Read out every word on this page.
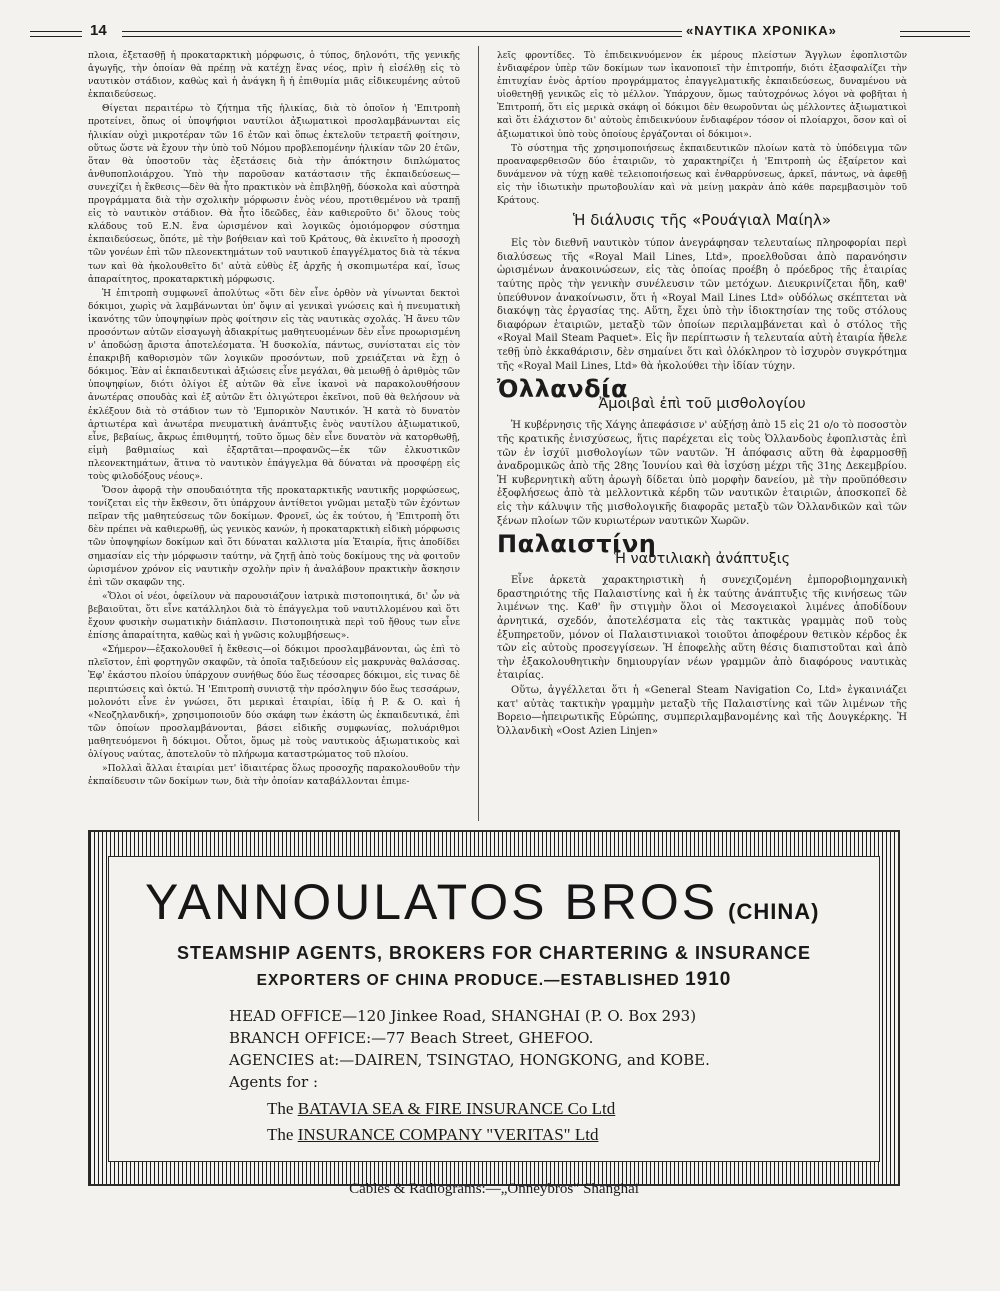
14	«ΝΑΥΤΙΚΑ ΧΡΟΝΙΚΑ»

πλοια, ἐξετασθῇ ἡ προκαταρκτικὴ μόρφωσις, ὁ τύπος, δηλονότι, τῆς γενικῆς ἀγωγῆς, τὴν ὁποίαν θὰ πρέπῃ νὰ κατέχῃ ἕνας νέος, πρὶν ἡ εἰσέλθῃ εἰς τὸ ναυτικὸν στάδιον, καθὼς καὶ ἡ ἀνάγκη ἢ ἡ ἐπιθυμία μιᾶς εἰδικευμένης αὐτοῦ ἐκπαιδεύσεως.

Θίγεται περαιτέρω τὸ ζήτημα τῆς ἡλικίας, διὰ τὸ ὁποῖον ἡ 'Επιτροπὴ προτείνει, ὅπως οἱ ὑποψήφιοι ναυτίλοι ἀξιωματικοὶ προσλαμβάνωνται εἰς ἡλικίαν οὐχὶ μικροτέραν τῶν 16 ἐτῶν καὶ ὅπως ἐκτελοῦν τετραετῆ φοίτησιν, οὕτως ὥστε νὰ ἔχουν τὴν ὑπὸ τοῦ Νόμου προβλεπομένην ἡλικίαν τῶν 20 ἐτῶν, ὅταν θὰ ὑποστοῦν τὰς ἐξετάσεις διὰ τὴν ἀπόκτησιν διπλώματος ἀνθυποπλοιάρχου. Ὑπὸ τὴν παροῦσαν κατάστασιν τῆς ἐκπαιδεύσεως—συνεχίζει ἡ ἔκθεσις—δὲν θὰ ἦτο πρακτικὸν νὰ ἐπιβληθῇ, δύσκολα καὶ αὐστηρὰ προγράμματα διὰ τὴν σχολικὴν μόρφωσιν ἑνὸς νέου, προτιθεμένου νὰ τραπῇ εἰς τὸ ναυτικὸν στάδιον. Θὰ ἦτο ἰδεῶδες, ἐὰν καθιεροῦτο δι' ὅλους τοὺς κλάδους τοῦ Ε.Ν. ἕνα ὡρισμένον καὶ λογικῶς ὁμοιόμορφον σύστημα ἐκπαιδεύσεως, ὅπότε, μὲ τὴν βοήθειαν καὶ τοῦ Κράτους, θὰ ἐκινεῖτο ἡ προσοχὴ τῶν γονέων ἐπὶ τῶν πλεονεκτημάτων τοῦ ναυτικοῦ ἐπαγγέλματος διὰ τὰ τέκνα των καὶ θὰ ἠκολουθεῖτο δι' αὐτὰ εὐθὺς ἐξ ἀρχῆς ἡ σκοπιμωτέρα καί, ἴσως ἀπαραίτητος, προκαταρκτικὴ μόρφωσις.

Ἡ ἐπιτροπὴ συμφωνεῖ ἀπολύτως «ὅτι δὲν εἶνε ὀρθὸν νὰ γίνωνται δεκτοὶ δόκιμοι, χωρὶς νὰ λαμβάνωνται ὑπ' ὄψιν αἱ γενικαὶ γνώσεις καὶ ἡ πνευματικὴ ἱκανότης τῶν ὑποψηφίων πρὸς φοίτησιν εἰς τὰς ναυτικὰς σχολάς. Ἡ ἄνευ τῶν προσόντων αὐτῶν εἰσαγωγὴ ἀδιακρίτως μαθητευομένων δὲν εἶνε προωρισμένη ν' ἀποδώσῃ ἄριστα ἀποτελέσματα. Ἡ δυσκολία, πάντως, συνίσταται εἰς τὸν ἐπακριβῆ καθορισμὸν τῶν λογικῶν προσόντων, ποῦ χρειάζεται νὰ ἔχῃ ὁ δόκιμος. Ἐὰν αἱ ἐκπαιδευτικαὶ ἀξιώσεις εἶνε μεγάλαι, θὰ μειωθῇ ὁ ἀριθμὸς τῶν ὑποψηφίων, διότι ὀλίγοι ἐξ αὐτῶν θὰ εἶνε ἱκανοὶ νὰ παρακολουθήσουν ἀνωτέρας σπουδὰς καὶ ἐξ αὐτῶν ἔτι ὀλιγώτεροι ἐκεῖνοι, ποῦ θὰ θελήσουν νὰ ἐκλέξουν διὰ τὸ στάδιον των τὸ 'Εμπορικὸν Ναυτικόν. Ἡ κατὰ τὸ δυνατὸν ἀρτιωτέρα καὶ ἀνωτέρα πνευματικὴ ἀνάπτυξις ἑνὸς ναυτίλου ἀξιωματικοῦ, εἶνε, βεβαίως, ἄκρως ἐπιθυμητή, τοῦτο ὅμως δὲν εἶνε δυνατὸν νὰ κατορθωθῇ, εἰμὴ βαθμιαίως καὶ ἐξαρτᾶται—προφανῶς—ἐκ τῶν ἐλκυστικῶν πλεονεκτημάτων, ἅτινα τὸ ναυτικὸν ἐπάγγελμα θὰ δύναται νὰ προσφέρῃ εἰς τοὺς φιλοδόξους νέους».

Ὅσον ἀφορᾷ τὴν σπουδαιότητα τῆς προκαταρκτικῆς ναυτικῆς μορφώσεως, τονίζεται εἰς τὴν ἔκθεσιν, ὅτι ὑπάρχουν ἀντίθετοι γνῶμαι μεταξὺ τῶν ἐχόντων πεῖραν τῆς μαθητεύσεως τῶν δοκίμων. Φρονεῖ, ὡς ἐκ τούτου, ἡ 'Επιτροπὴ ὅτι δὲν πρέπει νὰ καθιερωθῇ, ὡς γενικὸς κανών, ἡ προκαταρκτικὴ εἰδικὴ μόρφωσις τῶν ὑποψηφίων δοκίμων καὶ ὅτι δύναται καλλιστα μία Ἑταιρία, ἥτις ἀποδίδει σημασίαν εἰς τὴν μόρφωσιν ταύτην, νὰ ζητῇ ἀπὸ τοὺς δοκίμους της νὰ φοιτοῦν ὡρισμένον χρόνον εἰς ναυτικὴν σχολὴν πρὶν ἡ ἀναλάβουν πρακτικὴν ἄσκησιν ἐπὶ τῶν σκαφῶν της.

«Ὅλοι οἱ νέοι, ὀφείλουν νὰ παρουσιάζουν ἰατρικὰ πιστοποιητικά, δι' ὧν νὰ βεβαιοῦται, ὅτι εἶνε κατάλληλοι διὰ τὸ ἐπάγγελμα τοῦ ναυτιλλομένου καὶ ὅτι ἔχουν φυσικὴν σωματικὴν διάπλασιν. Πιστοποιητικὰ περὶ τοῦ ἤθους των εἶνε ἐπίσης ἀπαραίτητα, καθὼς καὶ ἡ γνῶσις κολυμβήσεως».

«Σήμερον—ἐξακολουθεῖ ἡ ἔκθεσις—οἱ δόκιμοι προσλαμβάνονται, ὡς ἐπὶ τὸ πλεῖστον, ἐπὶ φορτηγῶν σκαφῶν, τὰ ὁποῖα ταξιδεύουν εἰς μακρυνὰς θαλάσσας. Ἐφ' ἑκάστου πλοίου ὑπάρχουν συνήθως δύο ἕως τέσσαρες δόκιμοι, εἰς τινας δὲ περιπτώσεις καὶ ὀκτώ. Ἡ 'Επιτροπὴ συνιστᾷ τὴν πρόσληψιν δύο ἕως τεσσάρων, μολονότι εἶνε ἐν γνώσει, ὅτι μερικαὶ ἑταιρίαι, ἰδίᾳ ἡ P. & O. καὶ ἡ «Νεοζηλανδική», χρησιμοποιοῦν δύο σκάφη των ἑκάστη ὡς ἐκπαιδευτικά, ἐπὶ τῶν ὁποίων προσλαμβάνονται, βάσει εἰδικῆς συμφωνίας, πολυάριθμοι μαθητευόμενοι ἢ δόκιμοι. Οὗτοι, ὅμως μὲ τοὺς ναυτικοὺς ἀξιωματικοὺς καὶ ὀλίγους ναύτας, ἀποτελοῦν τὸ πλήρωμα καταστρώματος τοῦ πλοίου.

»Πολλαὶ ἄλλαι ἑταιρίαι μετ' ἰδιαιτέρας ὅλως προσοχῆς παρακολουθοῦν τὴν ἐκπαίδευσιν τῶν δοκίμων των, διὰ τὴν ὁποίαν καταβάλλονται ἐπιμε-

λεῖς φροντίδες. Τὸ ἐπιδεικνυόμενον ἐκ μέρους πλείστων Ἄγγλων ἐφοπλιστῶν ἐνδιαφέρον ὑπὲρ τῶν δοκίμων των ἱκανοποιεῖ τὴν ἐπιτροπήν, διότι ἐξασφαλίζει τὴν ἐπιτυχίαν ἑνὸς ἀρτίου προγράμματος ἐπαγγελματικῆς ἐκπαιδεύσεως, δυναμένου νὰ υἱοθετηθῇ γενικῶς εἰς τὸ μέλλον. Ὑπάρχουν, ὅμως ταὐτοχρόνως λόγοι νὰ φοβῆται ἡ Ἐπιτροπή, ὅτι εἰς μερικὰ σκάφη οἱ δόκιμοι δὲν θεωροῦνται ὡς μέλλοντες ἀξιωματικοὶ καὶ ὅτι ἐλάχιστον δι' αὐτοὺς ἐπιδεικνύουν ἐνδιαφέρον τόσον οἱ πλοίαρχοι, ὅσον καὶ οἱ ἀξιωματικοὶ ὑπὸ τοὺς ὁποίους ἐργάζονται οἱ δόκιμοι».

Τὸ σύστημα τῆς χρησιμοποιήσεως ἐκπαιδευτικῶν πλοίων κατὰ τὸ ὑπόδειγμα τῶν προαναφερθεισῶν δύο ἑταιριῶν, τὸ χαρακτηρίζει ἡ 'Επιτροπὴ ὡς ἐξαίρετον καὶ δυνάμενον νὰ τύχῃ καθὲ τελειοποιήσεως καὶ ἐνθαρρύνσεως, ἀρκεῖ, πάντως, νὰ ἀφεθῇ εἰς τὴν ἰδιωτικὴν πρωτοβουλίαν καὶ νὰ μείνῃ μακρὰν ἀπὸ κάθε παρεμβασιμὸν τοῦ Κράτους.

Ἡ διάλυσις τῆς «Ρουάγιαλ Μαίηλ»

Εἰς τὸν διεθνῆ ναυτικὸν τύπον ἀνεγράφησαν τελευταίως πληροφορίαι περὶ διαλύσεως τῆς «Royal Mail Lines, Ltd», προελθοῦσαι ἀπὸ παρανόησιν ὡρισμένων ἀνακοινώσεων, εἰς τὰς ὁποίας προέβη ὁ πρόεδρος τῆς ἑταιρίας ταύτης πρὸς τὴν γενικὴν συνέλευσιν τῶν μετόχων. Διευκρινίζεται ἤδη, καθ' ὑπεύθυνον ἀνακοίνωσιν, ὅτι ἡ «Royal Mail Lines Ltd» οὐδόλως σκέπτεται νὰ διακόψῃ τὰς ἐργασίας της. Αὕτη, ἔχει ὑπὸ τὴν ἰδιοκτησίαν της τοῦς στόλους διαφόρων ἑταιριῶν, μεταξὺ τῶν ὁποίων περιλαμβάνεται καὶ ὁ στόλος τῆς «Royal Mail Steam Paquet». Εἰς ἣν περίπτωσιν ἡ τελευταία αὐτὴ ἑταιρία ἤθελε τεθῇ ὑπὸ ἐκκαθάρισιν, δὲν σημαίνει ὅτι καὶ ὁλόκληρον τὸ ἰσχυρὸν συγκρότημα τῆς «Royal Mail Lines, Ltd» θὰ ἠκολούθει τὴν ἰδίαν τύχην.

Ὀλλανδία
Ἀμοιβαὶ ἐπὶ τοῦ μισθολογίου

Ἡ κυβέρνησις τῆς Χάγης ἀπεφάσισε ν' αὐξήσῃ ἀπὸ 15 εἰς 21 ο/ο τὸ ποσοστὸν τῆς κρατικῆς ἐνισχύσεως, ἥτις παρέχεται εἰς τοὺς Ὀλλανδοὺς ἐφοπλιστὰς ἐπὶ τῶν ἐν ἰσχύϊ μισθολογίων τῶν ναυτῶν. Ἡ ἀπόφασις αὕτη θὰ ἐφαρμοσθῇ ἀναδρομικῶς ἀπὸ τῆς 28ης Ἰουνίου καὶ θὰ ἰσχύσῃ μέχρι τῆς 31ης Δεκεμβρίου. Ἡ κυβερνητικὴ αὕτη ἀρωγὴ δίδεται ὑπὸ μορφὴν δανείου, μὲ τὴν προϋπόθεσιν ἐξοφλήσεως ἀπὸ τὰ μελλοντικὰ κέρδη τῶν ναυτικῶν ἑταιριῶν, ἀποσκοπεῖ δὲ εἰς τὴν κάλυψιν τῆς μισθολογικῆς διαφορᾶς μεταξὺ τῶν Ὀλλανδικῶν καὶ τῶν ξένων πλοίων τῶν κυριωτέρων ναυτικῶν Χωρῶν.

Παλαιστίνη
Ἡ ναυτιλιακὴ ἀνάπτυξις

Εἶνε ἀρκετὰ χαρακτηριστικὴ ἡ συνεχιζομένη ἐμποροβιομηχανικὴ δραστηριότης τῆς Παλαιστίνης καὶ ἡ ἐκ ταύτης ἀνάπτυξις τῆς κινήσεως τῶν λιμένων της. Καθ' ἣν στιγμὴν ὅλοι οἱ Μεσογειακοὶ λιμένες ἀποδίδουν ἀρνητικά, σχεδόν, ἀποτελέσματα εἰς τὰς τακτικὰς γραμμὰς ποῦ τοὺς ἐξυπηρετοῦν, μόνον οἱ Παλαιστινιακοὶ τοιοῦτοι ἀποφέρουν θετικὸν κέρδος ἐκ τῶν εἰς αὐτοὺς προσεγγίσεων. Ἡ ἐποφελὴς αὕτη θέσις διαπιστοῦται καὶ ἀπὸ τὴν ἐξακολουθητικὴν δημιουργίαν νέων γραμμῶν ἀπὸ διαφόρους ναυτικὰς ἑταιρίας.

Οὕτω, ἀγγέλλεται ὅτι ἡ «General Steam Navigation Co, Ltd» ἐγκαινιάζει κατ' αὐτὰς τακτικὴν γραμμὴν μεταξὺ τῆς Παλαιστίνης καὶ τῶν λιμένων τῆς Βορειο—ἠπειρωτικῆς Εὐρώπης, συμπεριλαμβανομένης καὶ τῆς Δουγκέρκης. Ἡ Ὀλλανδικὴ «Oost Azien Linjen»

YANNOULATOS BROS (CHINA)
STEAMSHIP AGENTS, BROKERS FOR CHARTERING & INSURANCE
EXPORTERS OF CHINA PRODUCE.—ESTABLISHED 1910
HEAD OFFICE—120 Jinkee Road, SHANGHAI (P. O. Box 293)
BRANCH OFFICE:—77 Beach Street, GHEFOO.
AGENCIES at:—DAIREN, TSINGTAO, HONGKONG, and KOBE.
Agents for :
The BATAVIA SEA & FIRE INSURANCE Co Ltd
The INSURANCE COMPANY "VERITAS" Ltd
Cables & Radiograms:—„Onneybros" Shanghai
